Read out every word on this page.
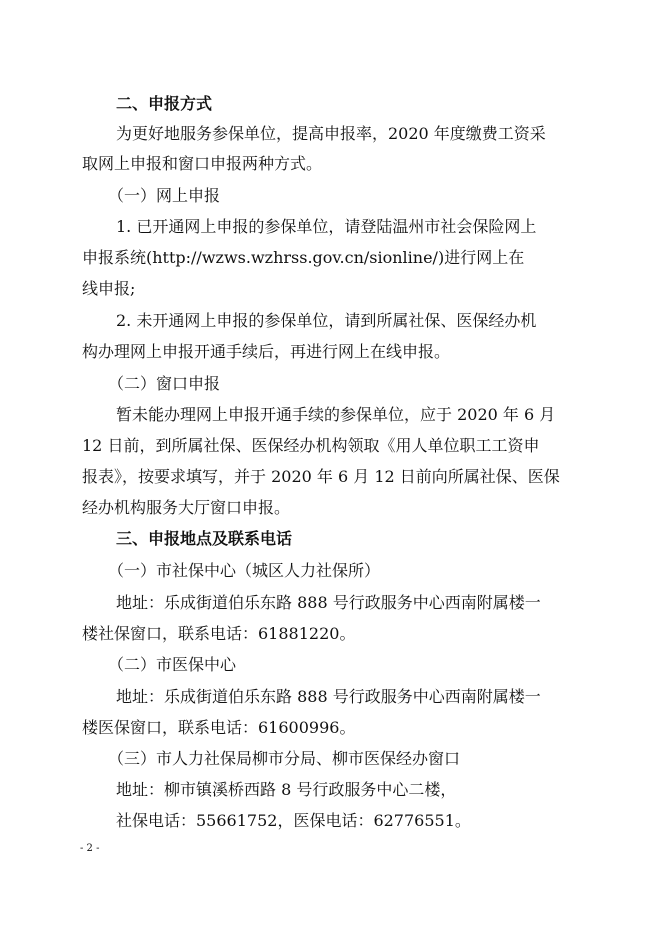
二、申报方式
为更好地服务参保单位，提高申报率，2020 年度缴费工资采
取网上申报和窗口申报两种方式。
（一）网上申报
1. 已开通网上申报的参保单位，请登陆温州市社会保险网上
申报系统(http://wzws.wzhrss.gov.cn/sionline/)进行网上在
线申报;
2. 未开通网上申报的参保单位，请到所属社保、医保经办机
构办理网上申报开通手续后，再进行网上在线申报。
（二）窗口申报
暂未能办理网上申报开通手续的参保单位，应于 2020 年 6 月
12 日前，到所属社保、医保经办机构领取《用人单位职工工资申
报表》，按要求填写，并于 2020 年 6 月 12 日前向所属社保、医保
经办机构服务大厅窗口申报。
三、申报地点及联系电话
（一）市社保中心（城区人力社保所）
地址：乐成街道伯乐东路 888 号行政服务中心西南附属楼一
楼社保窗口，联系电话：61881220。
（二）市医保中心
地址：乐成街道伯乐东路 888 号行政服务中心西南附属楼一
楼医保窗口，联系电话：61600996。
（三）市人力社保局柳市分局、柳市医保经办窗口
地址：柳市镇溪桥西路 8 号行政服务中心二楼，
社保电话：55661752，医保电话：62776551。
- 2 -
